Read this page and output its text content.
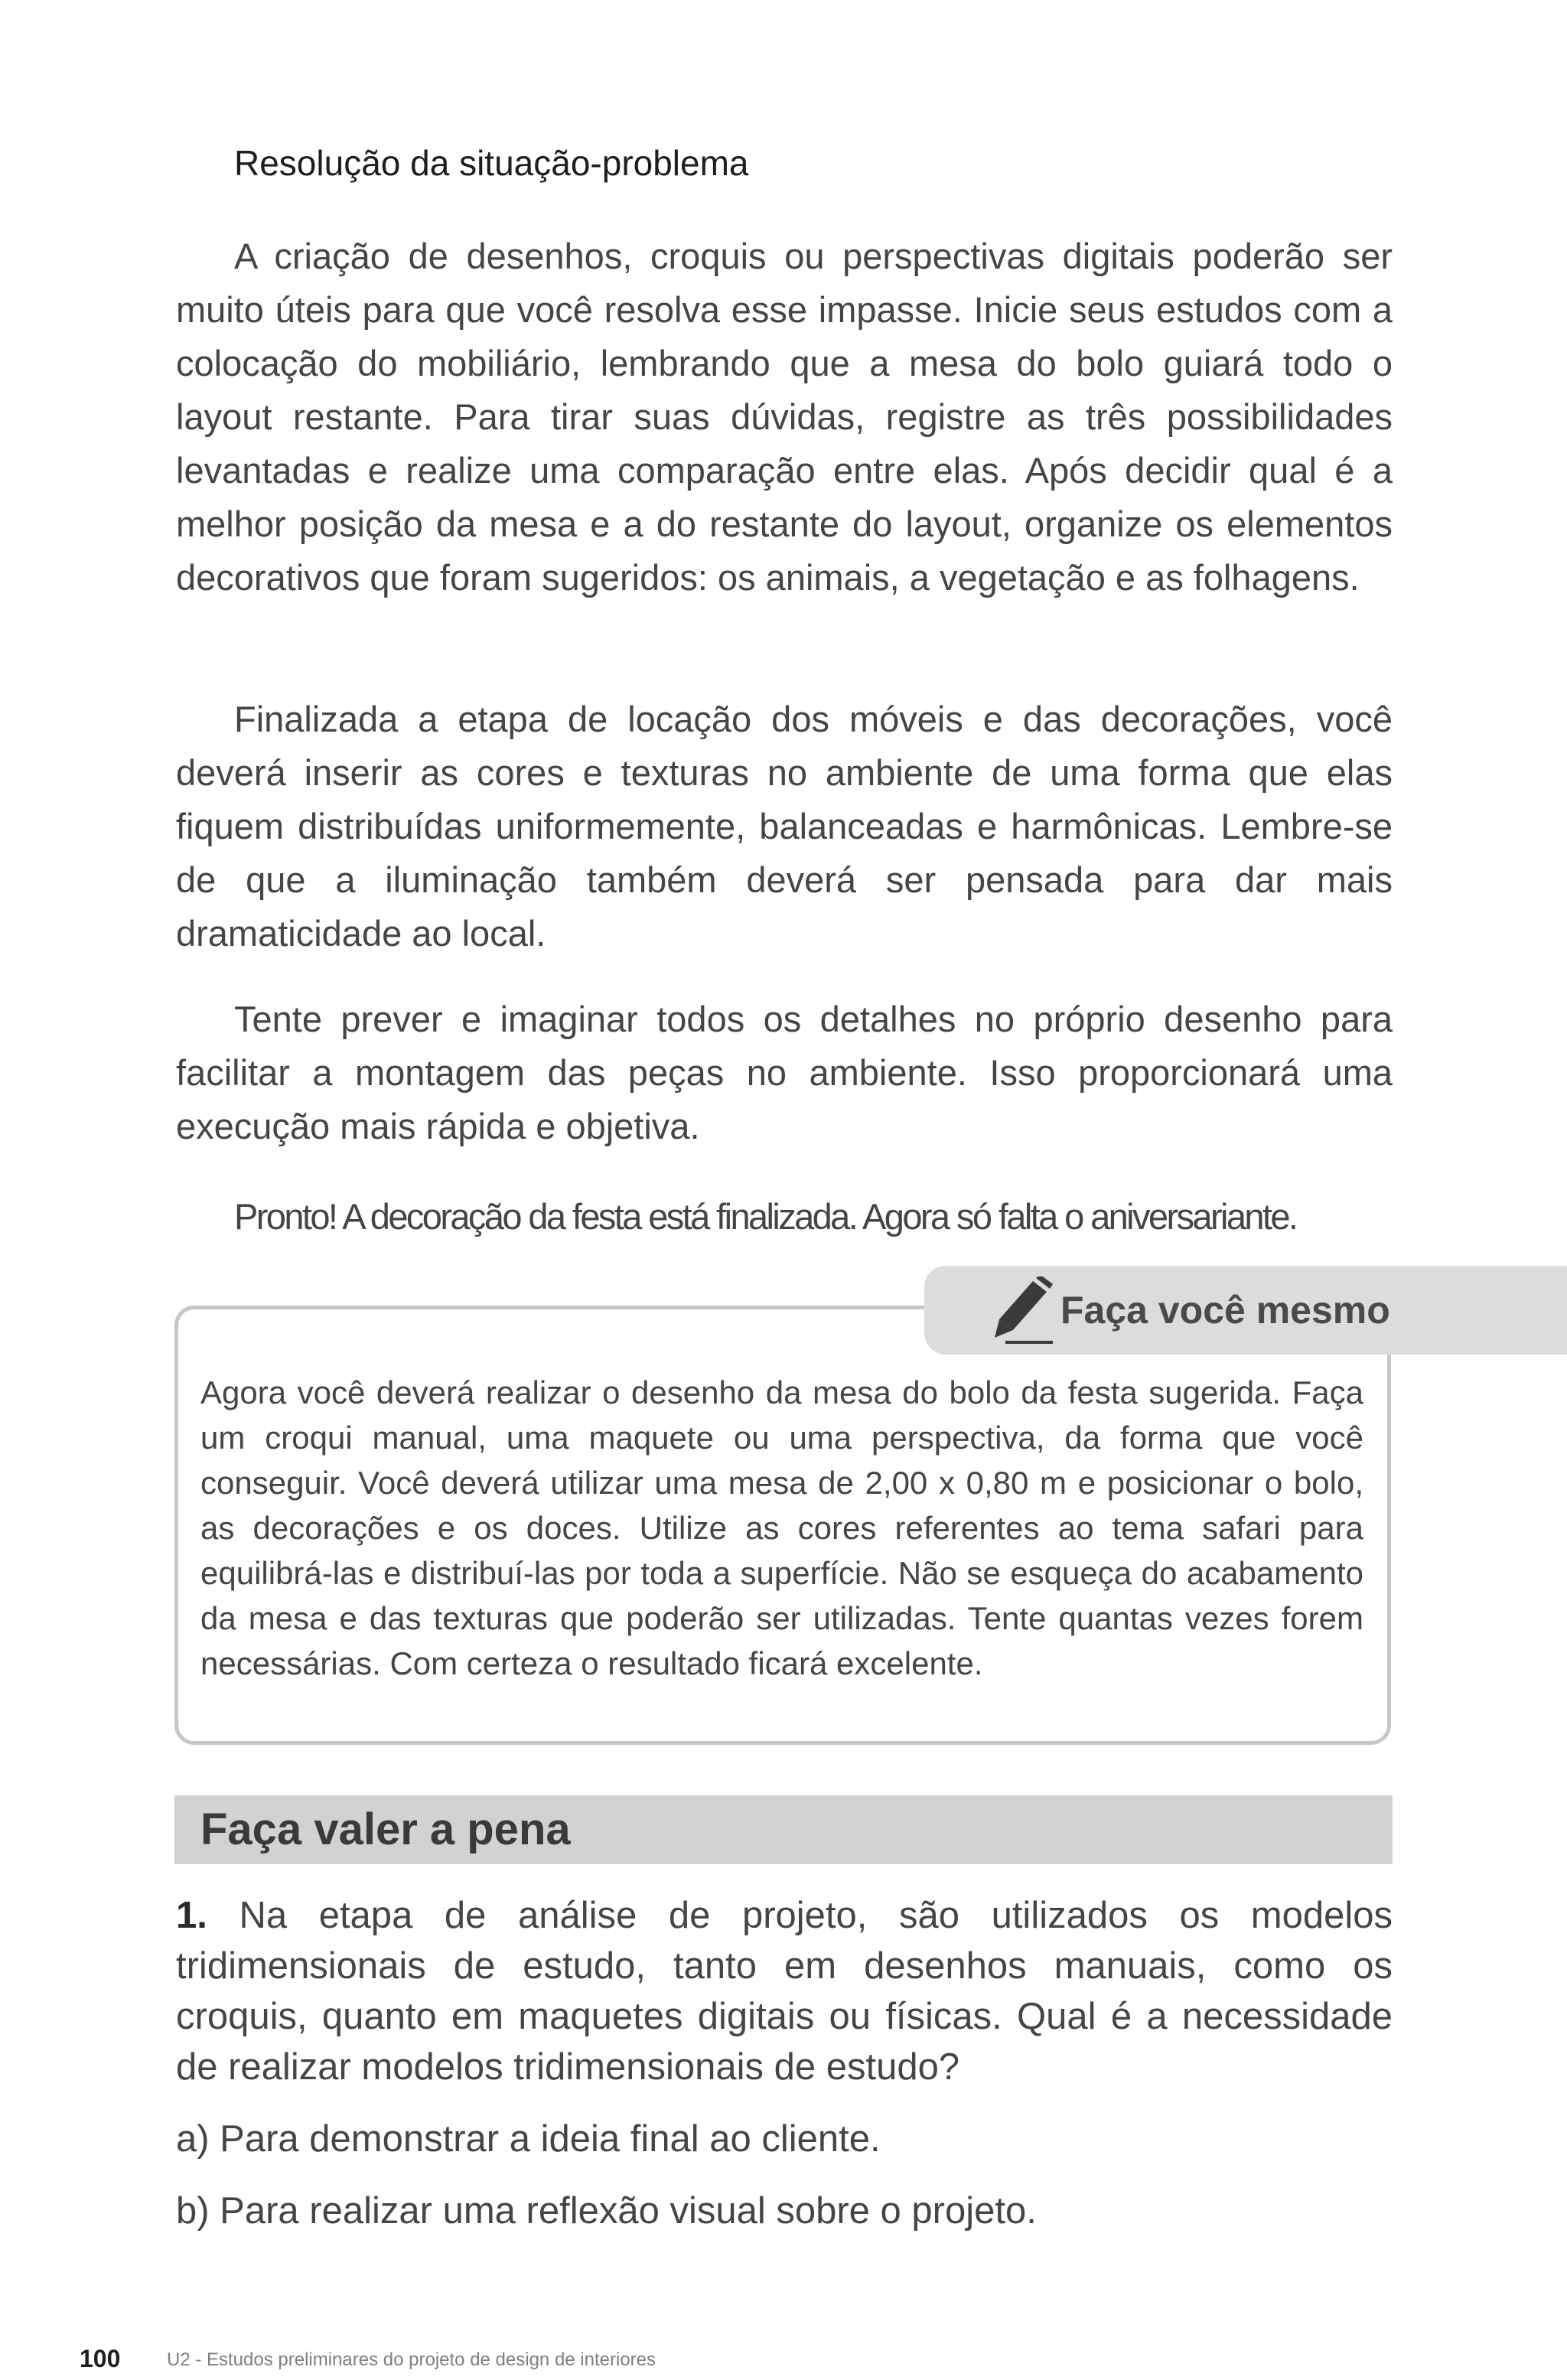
Resolução da situação-problema

A criação de desenhos, croquis ou perspectivas digitais poderão ser muito úteis para que você resolva esse impasse. Inicie seus estudos com a colocação do mobiliário, lembrando que a mesa do bolo guiará todo o layout restante. Para tirar suas dúvidas, registre as três possibilidades levantadas e realize uma comparação entre elas. Após decidir qual é a melhor posição da mesa e a do restante do layout, organize os elementos decorativos que foram sugeridos: os animais, a vegetação e as folhagens.

Finalizada a etapa de locação dos móveis e das decorações, você deverá inserir as cores e texturas no ambiente de uma forma que elas fiquem distribuídas uniformemente, balanceadas e harmônicas. Lembre-se de que a iluminação também deverá ser pensada para dar mais dramaticidade ao local.

Tente prever e imaginar todos os detalhes no próprio desenho para facilitar a montagem das peças no ambiente. Isso proporcionará uma execução mais rápida e objetiva.

Pronto! A decoração da festa está finalizada. Agora só falta o aniversariante.

Faça você mesmo

Agora você deverá realizar o desenho da mesa do bolo da festa sugerida. Faça um croqui manual, uma maquete ou uma perspectiva, da forma que você conseguir. Você deverá utilizar uma mesa de 2,00 x 0,80 m e posicionar o bolo, as decorações e os doces. Utilize as cores referentes ao tema safari para equilibrá-las e distribuí-las por toda a superfície. Não se esqueça do acabamento da mesa e das texturas que poderão ser utilizadas. Tente quantas vezes forem necessárias. Com certeza o resultado ficará excelente.

Faça valer a pena

1. Na etapa de análise de projeto, são utilizados os modelos tridimensionais de estudo, tanto em desenhos manuais, como os croquis, quanto em maquetes digitais ou físicas. Qual é a necessidade de realizar modelos tridimensionais de estudo?

a) Para demonstrar a ideia final ao cliente.

b) Para realizar uma reflexão visual sobre o projeto.

100	U2 - Estudos preliminares do projeto de design de interiores
